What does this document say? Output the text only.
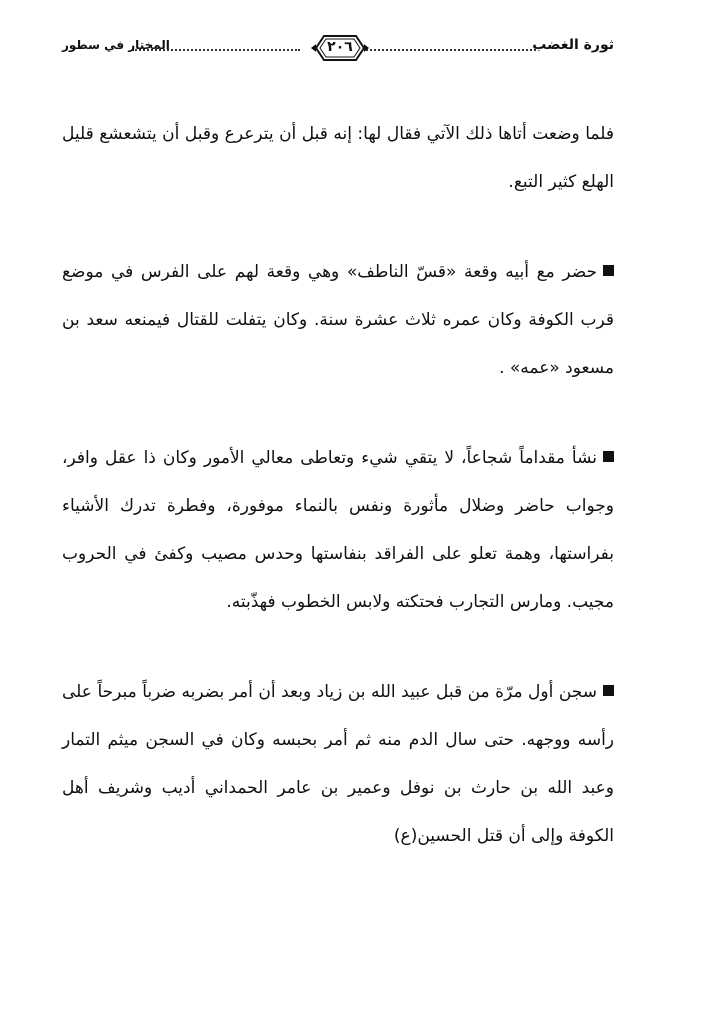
ثورة الغضب
٢٠٦
المختار في سطور

فلما وضعت أتاها ذلك الآتي فقال لها: إنه قبل أن يترعرع وقبل أن يتشعشع قليل الهلع كثير التبع.

حضر مع أبيه وقعة «قسّ الناطف» وهي وقعة لهم على الفرس في موضع قرب الكوفة وكان عمره ثلاث عشرة سنة. وكان يتفلت للقتال فيمنعه سعد بن مسعود «عمه» .

نشأ مقداماً شجاعاً، لا يتقي شيء وتعاطى معالي الأمور وكان ذا عقل وافر، وجواب حاضر وضلال مأثورة ونفس بالنماء موفورة، وفطرة تدرك الأشياء بفراستها، وهمة تعلو على الفراقد بنفاستها وحدس مصيب وكفئ في الحروب مجيب. ومارس التجارب فحتكته ولابس الخطوب فهذّبته.

سجن أول مرّة من قبل عبيد الله بن زياد وبعد أن أمر بضربه ضرباً مبرحاً على رأسه ووجهه. حتى سال الدم منه ثم أمر بحبسه وكان في السجن ميثم التمار وعبد الله بن حارث بن نوفل وعمير بن عامر الحمداني أديب وشريف أهل الكوفة وإلى أن قتل الحسين(ع)
